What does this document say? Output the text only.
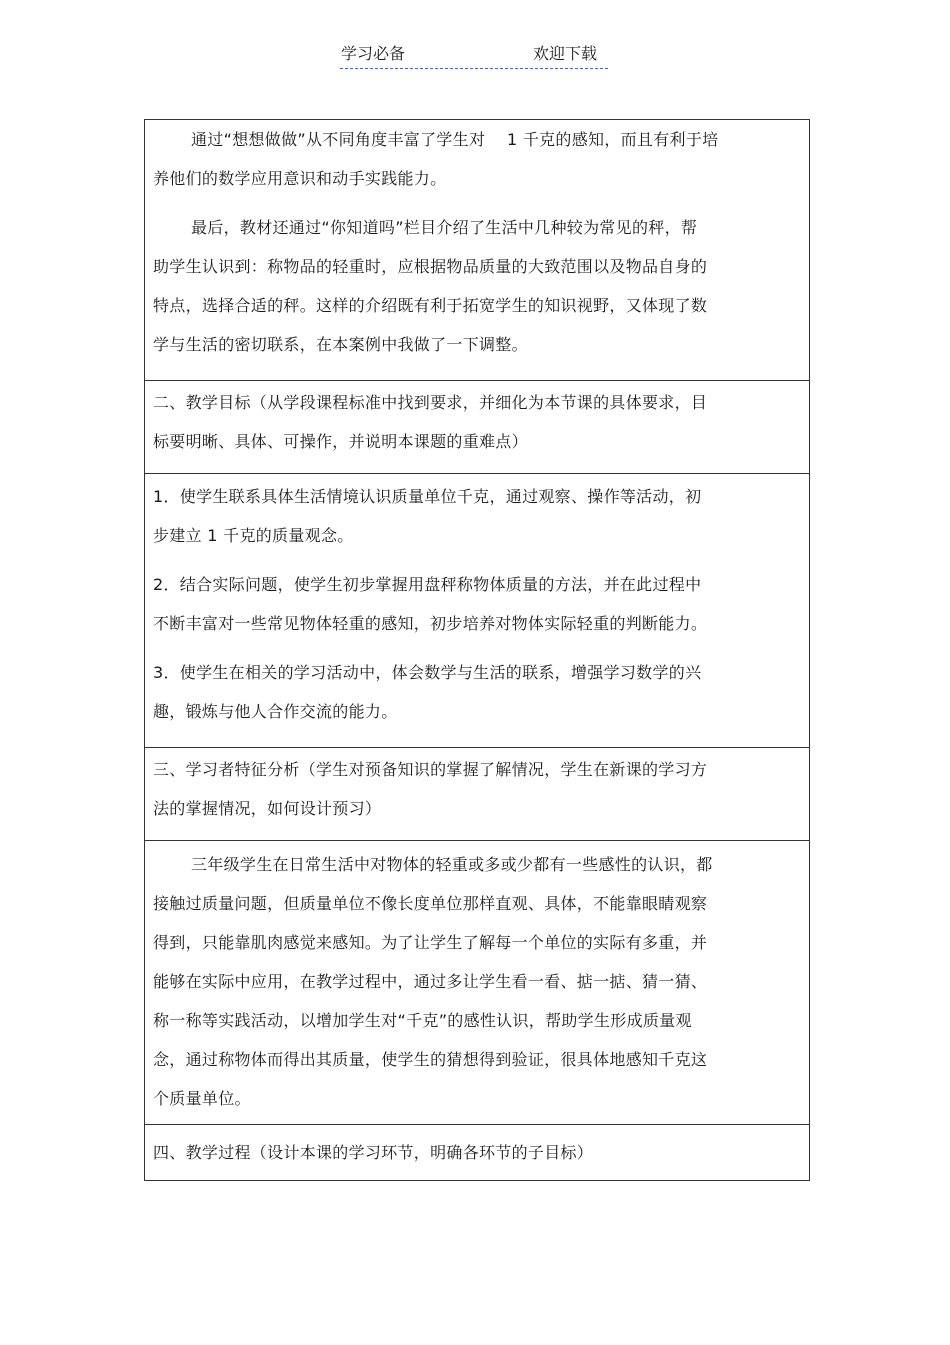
学习必备	欢迎下载

通过“想想做做”从不同角度丰富了学生对　 1 千克的感知，而且有利于培

养他们的数学应用意识和动手实践能力。

最后，教材还通过“你知道吗”栏目介绍了生活中几种较为常见的秤，帮

助学生认识到：称物品的轻重时，应根据物品质量的大致范围以及物品自身的

特点，选择合适的秤。这样的介绍既有利于拓宽学生的知识视野，又体现了数

学与生活的密切联系，在本案例中我做了一下调整。

二、教学目标（从学段课程标准中找到要求，并细化为本节课的具体要求，目

标要明晰、具体、可操作，并说明本课题的重难点）

1．使学生联系具体生活情境认识质量单位千克，通过观察、操作等活动，初

步建立 1 千克的质量观念。

2．结合实际问题，使学生初步掌握用盘秤称物体质量的方法，并在此过程中

不断丰富对一些常见物体轻重的感知，初步培养对物体实际轻重的判断能力。

3．使学生在相关的学习活动中，体会数学与生活的联系，增强学习数学的兴

趣，锻炼与他人合作交流的能力。

三、学习者特征分析（学生对预备知识的掌握了解情况，学生在新课的学习方

法的掌握情况，如何设计预习）

三年级学生在日常生活中对物体的轻重或多或少都有一些感性的认识，都

接触过质量问题，但质量单位不像长度单位那样直观、具体，不能靠眼睛观察

得到，只能靠肌肉感觉来感知。为了让学生了解每一个单位的实际有多重，并

能够在实际中应用，在教学过程中，通过多让学生看一看、掂一掂、猜一猜、

称一称等实践活动，以增加学生对“千克”的感性认识，帮助学生形成质量观

念，通过称物体而得出其质量，使学生的猜想得到验证，很具体地感知千克这

个质量单位。

四、教学过程（设计本课的学习环节，明确各环节的子目标）
